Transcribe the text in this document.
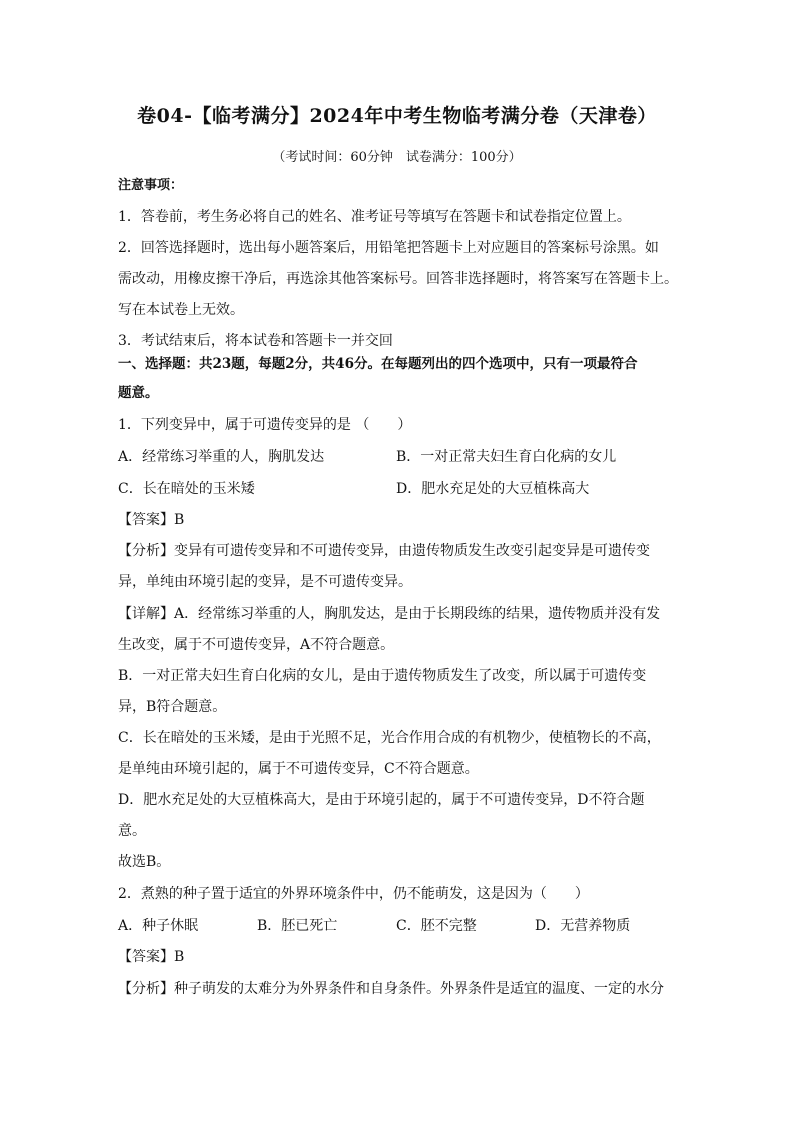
卷04-【临考满分】2024年中考生物临考满分卷（天津卷）
（考试时间：60分钟　试卷满分：100分）
注意事项：
1．答卷前，考生务必将自己的姓名、准考证号等填写在答题卡和试卷指定位置上。
2．回答选择题时，选出每小题答案后，用铅笔把答题卡上对应题目的答案标号涂黑。如
需改动，用橡皮擦干净后，再选涂其他答案标号。回答非选择题时，将答案写在答题卡上。
写在本试卷上无效。
3．考试结束后，将本试卷和答题卡一并交回
一、选择题：共23题，每题2分，共46分。在每题列出的四个选项中，只有一项最符合
题意。
1．下列变异中，属于可遗传变异的是 （　　）
A．经常练习举重的人，胸肌发达	B．一对正常夫妇生育白化病的女儿
C．长在暗处的玉米矮	D．肥水充足处的大豆植株高大
【答案】B
【分析】变异有可遗传变异和不可遗传变异，由遗传物质发生改变引起变异是可遗传变
异，单纯由环境引起的变异，是不可遗传变异。
【详解】A．经常练习举重的人，胸肌发达，是由于长期段练的结果，遗传物质并没有发
生改变，属于不可遗传变异，A不符合题意。
B．一对正常夫妇生育白化病的女儿，是由于遗传物质发生了改变，所以属于可遗传变
异，B符合题意。
C．长在暗处的玉米矮，是由于光照不足，光合作用合成的有机物少，使植物长的不高，
是单纯由环境引起的，属于不可遗传变异，C不符合题意。
D．肥水充足处的大豆植株高大，是由于环境引起的，属于不可遗传变异，D不符合题
意。
故选B。
2．煮熟的种子置于适宜的外界环境条件中，仍不能萌发，这是因为（　　）
A．种子休眠	B．胚已死亡	C．胚不完整	D．无营养物质
【答案】B
【分析】种子萌发的太难分为外界条件和自身条件。外界条件是适宜的温度、一定的水分
